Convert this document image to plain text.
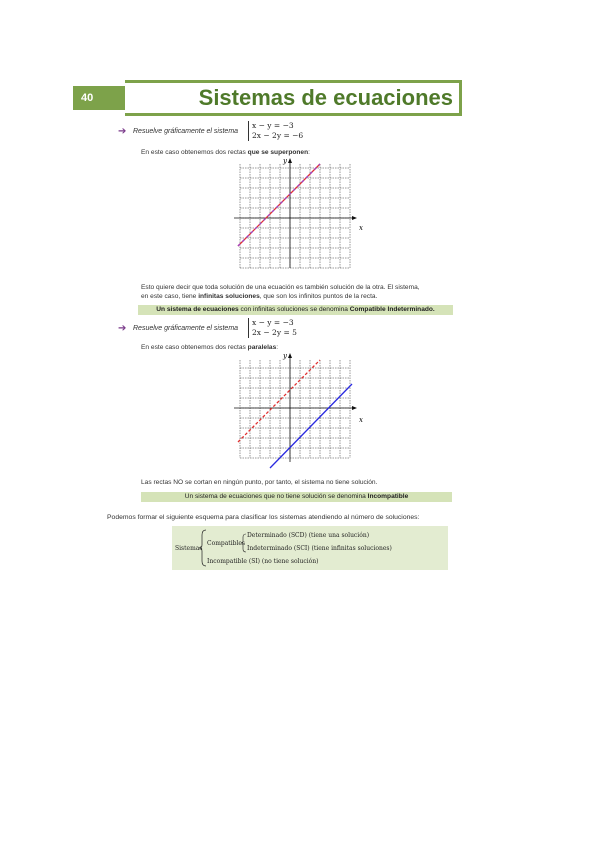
40	Sistemas de ecuaciones
➔ Resuelve gráficamente el sistema
x − y = −3
2x − 2y = −6
En este caso obtenemos dos rectas que se superponen:
y
x
Esto quiere decir que toda solución de una ecuación es también solución de la otra. El sistema,
en este caso, tiene infinitas soluciones, que son los infinitos puntos de la recta.
Un sistema de ecuaciones con infinitas soluciones se denomina Compatible Indeterminado.
➔ Resuelve gráficamente el sistema
x − y = −3
2x − 2y = 5
En este caso obtenemos dos rectas paralelas:
y
x
Las rectas NO se cortan en ningún punto, por tanto, el sistema no tiene solución.
Un sistema de ecuaciones que no tiene solución se denomina Incompatible
Podemos formar el siguiente esquema para clasificar los sistemas atendiendo al número de soluciones:
Sistemas
Compatibles
Determinado (SCD) (tiene una solución)
Indeterminado (SCI) (tiene infinitas soluciones)
Incompatible (SI) (no tiene solución)
